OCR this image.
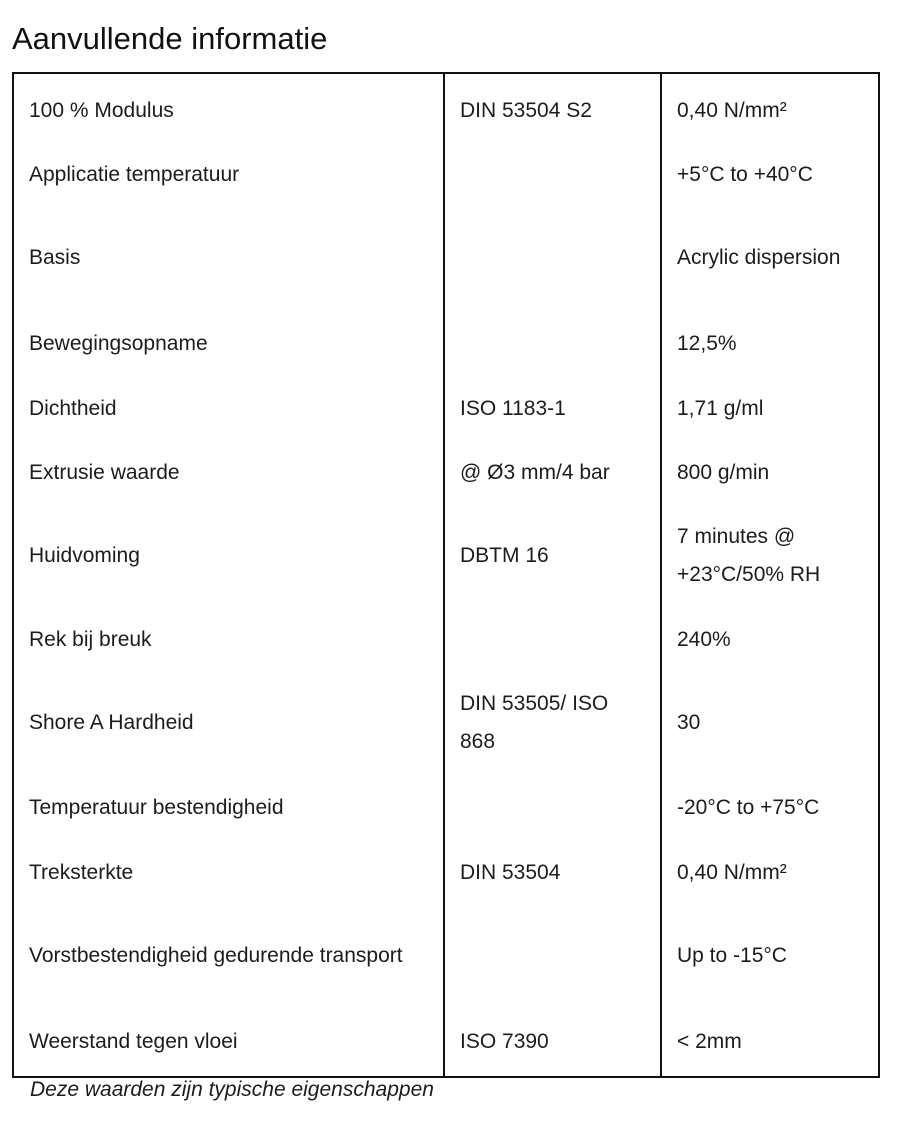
Aanvullende informatie
100 % Modulus	DIN 53504 S2	0,40 N/mm²
Applicatie temperatuur		+5°C to +40°C
Basis		Acrylic dispersion
Bewegingsopname		12,5%
Dichtheid	ISO 1183-1	1,71 g/ml
Extrusie waarde	@ Ø3 mm/4 bar	800 g/min
Huidvoming	DBTM 16	7 minutes @ +23°C/50% RH
Rek bij breuk		240%
Shore A Hardheid	DIN 53505/ ISO 868	30
Temperatuur bestendigheid		-20°C to +75°C
Treksterkte	DIN 53504	0,40 N/mm²
Vorstbestendigheid gedurende transport		Up to -15°C
Weerstand tegen vloei	ISO 7390	< 2mm

Deze waarden zijn typische eigenschappen
